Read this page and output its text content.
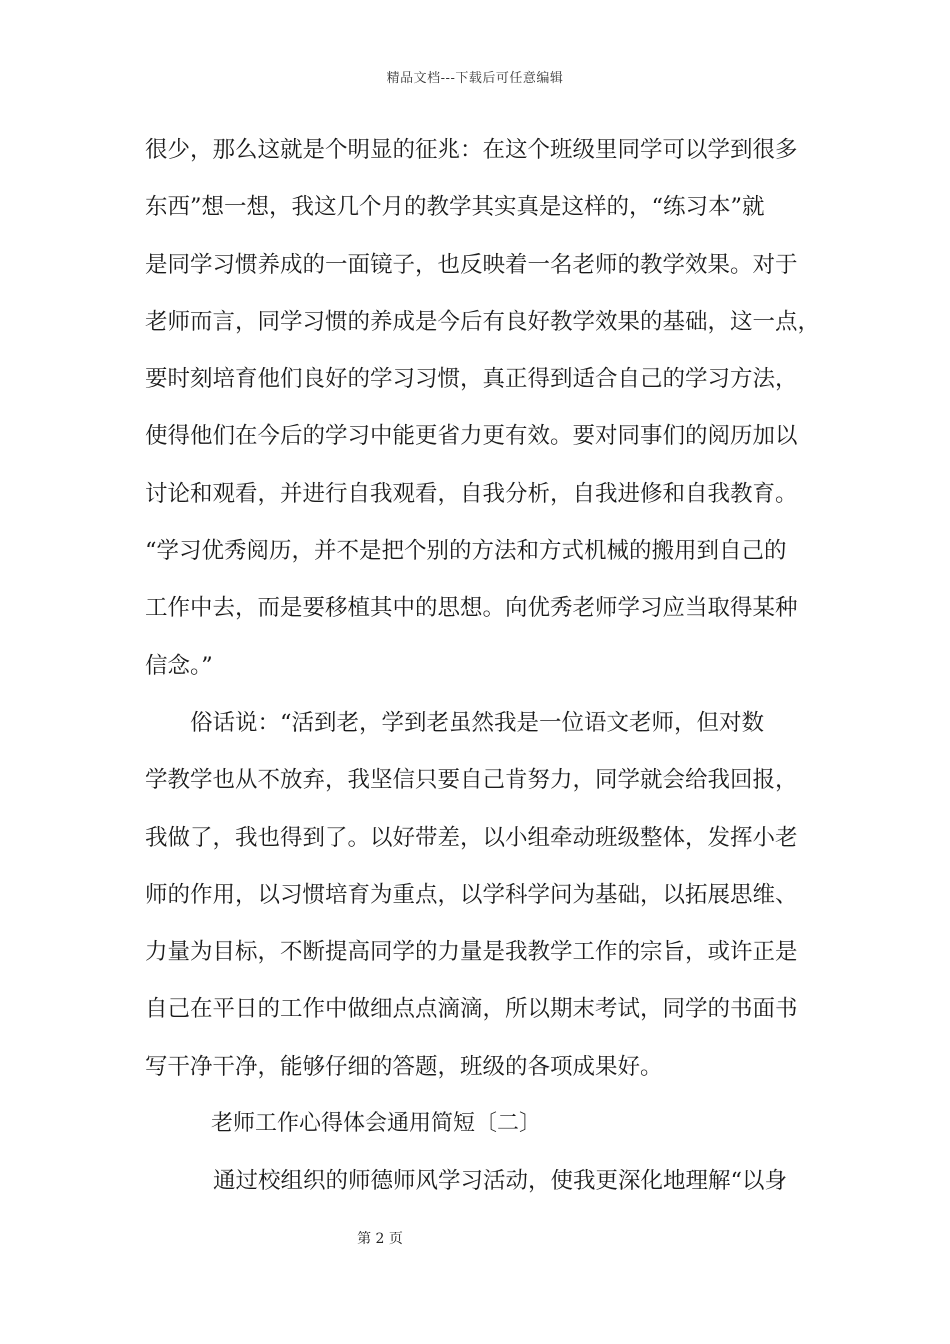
精品文档---下载后可任意编辑
很少，那么这就是个明显的征兆：在这个班级里同学可以学到很多
东西”想一想，我这几个月的教学其实真是这样的，“练习本”就
是同学习惯养成的一面镜子，也反映着一名老师的教学效果。对于
老师而言，同学习惯的养成是今后有良好教学效果的基础，这一点，
要时刻培育他们良好的学习习惯，真正得到适合自己的学习方法，
使得他们在今后的学习中能更省力更有效。要对同事们的阅历加以
讨论和观看，并进行自我观看，自我分析，自我进修和自我教育。
“学习优秀阅历，并不是把个别的方法和方式机械的搬用到自己的
工作中去，而是要移植其中的思想。向优秀老师学习应当取得某种
信念。”
　　俗话说：“活到老，学到老虽然我是一位语文老师，但对数
学教学也从不放弃，我坚信只要自己肯努力，同学就会给我回报，
我做了，我也得到了。以好带差，以小组牵动班级整体，发挥小老
师的作用，以习惯培育为重点，以学科学问为基础，以拓展思维、
力量为目标，不断提高同学的力量是我教学工作的宗旨，或许正是
自己在平日的工作中做细点点滴滴，所以期末考试，同学的书面书
写干净干净，能够仔细的答题，班级的各项成果好。
老师工作心得体会通用简短〔二〕
通过校组织的师德师风学习活动，使我更深化地理解“以身
第 2 页
